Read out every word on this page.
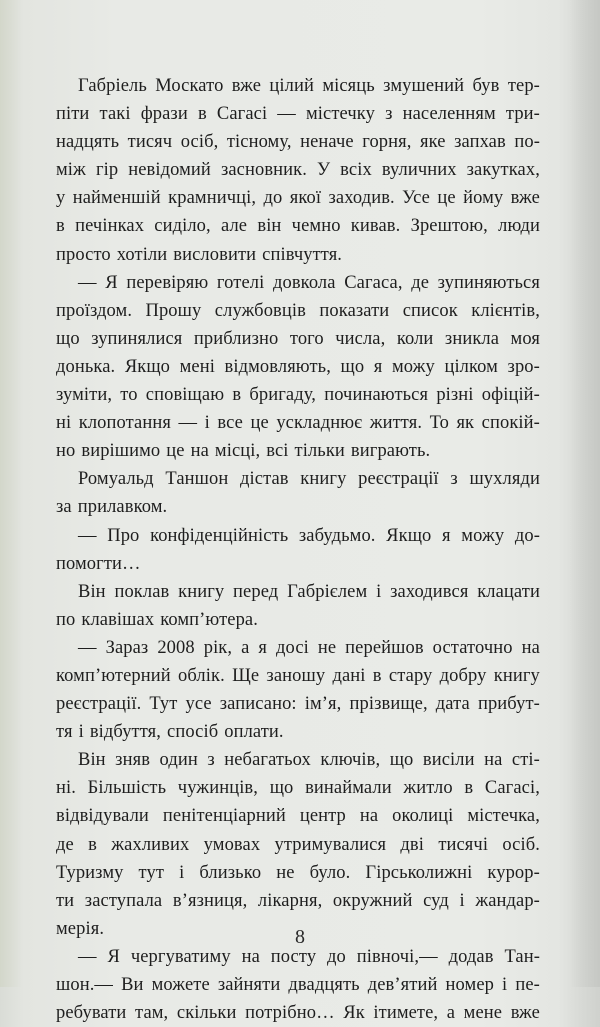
Габріель Москато вже цілий місяць змушений був тер-
піти такі фрази в Сагасі — містечку з населенням три-
надцять тисяч осіб, тісному, неначе горня, яке запхав по-
між гір невідомий засновник. У всіх вуличних закутках,
у найменшій крамничці, до якої заходив. Усе це йому вже
в печінках сиділо, але він чемно кивав. Зрештою, люди
просто хотіли висловити співчуття.
— Я перевіряю готелі довкола Сагаса, де зупиняються
проїздом. Прошу службовців показати список клієнтів,
що зупинялися приблизно того числа, коли зникла моя
донька. Якщо мені відмовляють, що я можу цілком зро-
зуміти, то сповіщаю в бригаду, починаються різні офіцій-
ні клопотання — і все це ускладнює життя. То як спокій-
но вирішимо це на місці, всі тільки виграють.
Ромуальд Таншон дістав книгу реєстрації з шухляди
за прилавком.
— Про конфіденційність забудьмо. Якщо я можу до-
помогти…
Він поклав книгу перед Габрієлем і заходився клацати
по клавішах комп’ютера.
— Зараз 2008 рік, а я досі не перейшов остаточно на
комп’ютерний облік. Ще заношу дані в стару добру книгу
реєстрації. Тут усе записано: ім’я, прізвище, дата прибут-
тя і відбуття, спосіб оплати.
Він зняв один з небагатьох ключів, що висіли на сті-
ні. Більшість чужинців, що винаймали житло в Сагасі,
відвідували пенітенціарний центр на околиці містечка,
де в жахливих умовах утримувалися дві тисячі осіб.
Туризму тут і близько не було. Гірськолижні курор-
ти заступала в’язниця, лікарня, окружний суд і жандар-
мерія.
— Я чергуватиму на посту до півночі,— додав Тан-
шон.— Ви можете зайняти двадцять дев’ятий номер і пе-
ребувати там, скільки потрібно… Як ітимете, а мене вже
8
